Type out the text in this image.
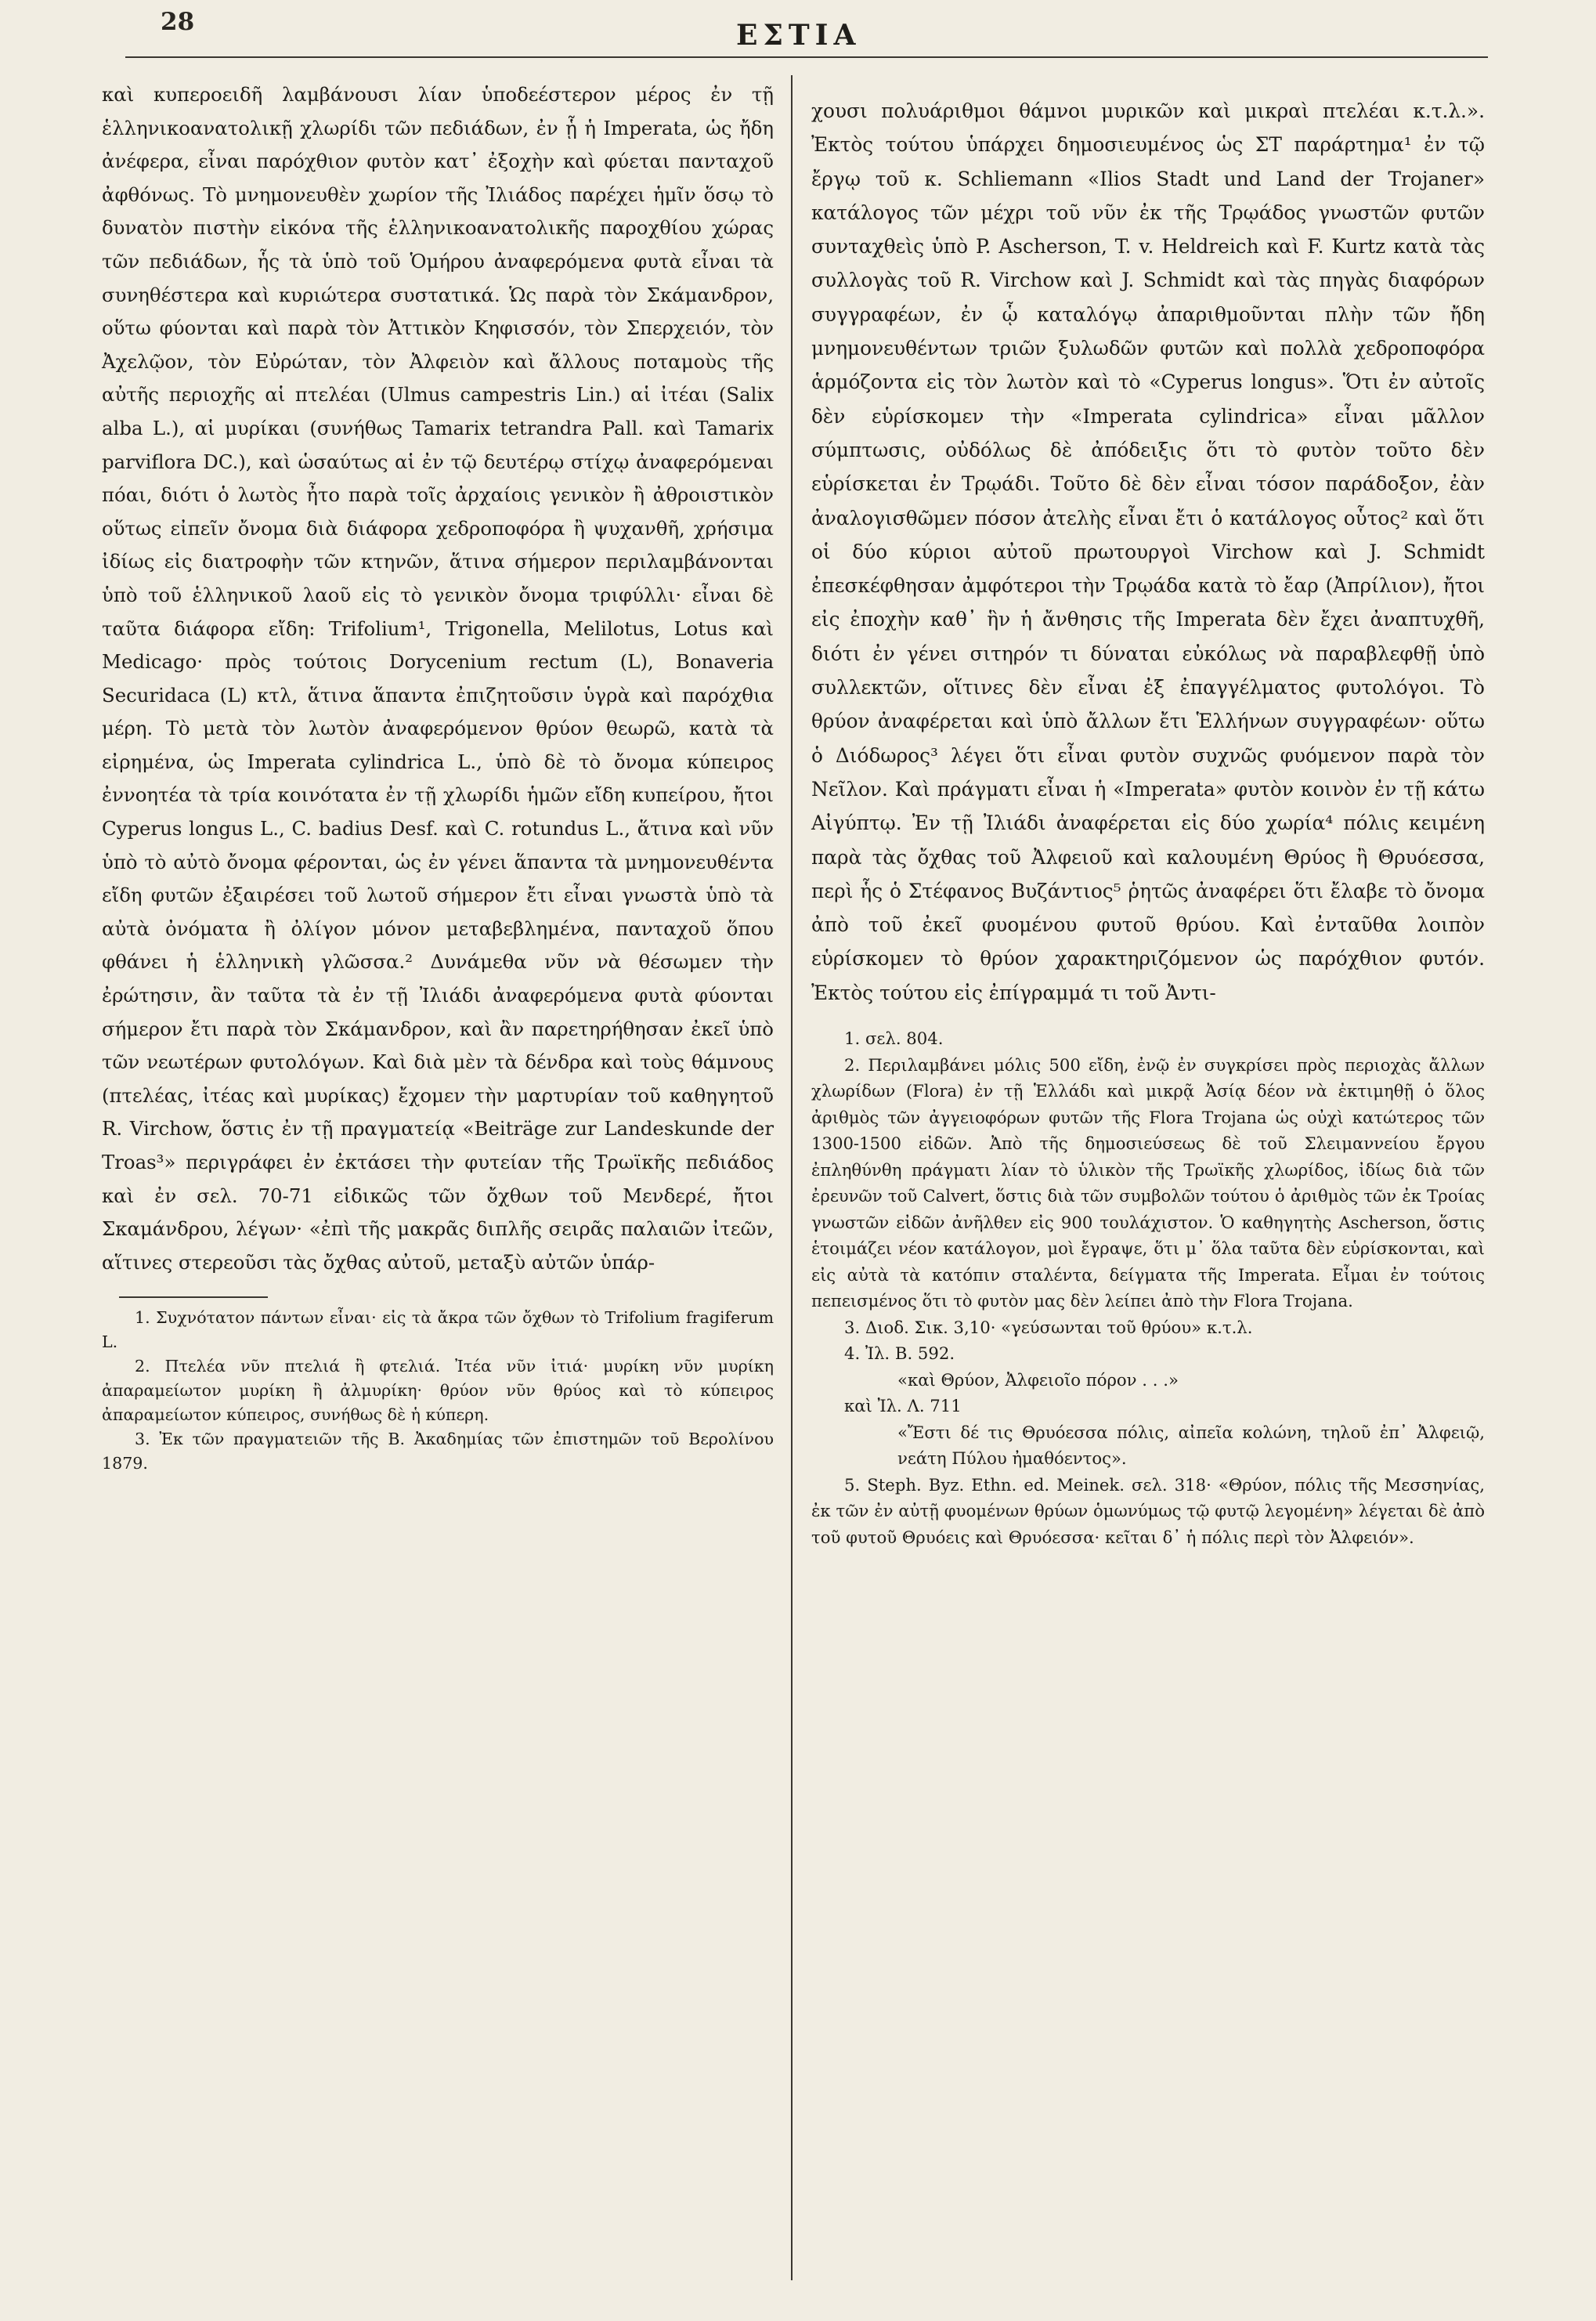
28	ΕΣΤΙΑ

καὶ κυπεροειδῆ λαμβάνουσι λίαν ὑποδεέστερον μέρος ἐν τῇ ἑλληνικοανατολικῇ χλωρίδι τῶν πεδιάδων, ἐν ᾗ ἡ Imperata, ὡς ἤδη ἀνέφερα, εἶναι παρόχθιον φυτὸν κατ᾽ ἐξοχὴν καὶ φύεται πανταχοῦ ἀφθόνως. Τὸ μνημονευθὲν χωρίον τῆς Ἰλιάδος παρέχει ἡμῖν ὅσῳ τὸ δυνατὸν πιστὴν εἰκόνα τῆς ἑλληνικοανατολικῆς παροχθίου χώρας τῶν πεδιάδων, ἧς τὰ ὑπὸ τοῦ Ὁμήρου ἀναφερόμενα φυτὰ εἶναι τὰ συνηθέστερα καὶ κυριώτερα συστατικά. Ὡς παρὰ τὸν Σκάμανδρον, οὕτω φύονται καὶ παρὰ τὸν Ἀττικὸν Κηφισσόν, τὸν Σπερχειόν, τὸν Ἀχελῷον, τὸν Εὐρώταν, τὸν Ἀλφειὸν καὶ ἄλλους ποταμοὺς τῆς αὐτῆς περιοχῆς αἱ πτελέαι (Ulmus campestris Lin.) αἱ ἰτέαι (Salix alba L.), αἱ μυρίκαι (συνήθως Tamarix tetrandra Pall. καὶ Tamarix parviflora DC.), καὶ ὡσαύτως αἱ ἐν τῷ δευτέρῳ στίχῳ ἀναφερόμεναι πόαι, διότι ὁ λωτὸς ἦτο παρὰ τοῖς ἀρχαίοις γενικὸν ἢ ἀθροιστικὸν οὕτως εἰπεῖν ὄνομα διὰ διάφορα χεδροποφόρα ἢ ψυχανθῆ, χρήσιμα ἰδίως εἰς διατροφὴν τῶν κτηνῶν, ἅτινα σήμερον περιλαμβάνονται ὑπὸ τοῦ ἑλληνικοῦ λαοῦ εἰς τὸ γενικὸν ὄνομα τριφύλλι· εἶναι δὲ ταῦτα διάφορα εἴδη: Trifolium¹, Trigonella, Melilotus, Lotus καὶ Medicago· πρὸς τούτοις Dorycenium rectum (L), Bonaveria Securidaca (L) κτλ, ἅτινα ἅπαντα ἐπιζητοῦσιν ὑγρὰ καὶ παρόχθια μέρη. Τὸ μετὰ τὸν λωτὸν ἀναφερόμενον θρύον θεωρῶ, κατὰ τὰ εἰρημένα, ὡς Imperata cylindrica L., ὑπὸ δὲ τὸ ὄνομα κύπειρος ἐννοητέα τὰ τρία κοινότατα ἐν τῇ χλωρίδι ἡμῶν εἴδη κυπείρου, ἤτοι Cyperus longus L., C. badius Desf. καὶ C. rotundus L., ἅτινα καὶ νῦν ὑπὸ τὸ αὐτὸ ὄνομα φέρονται, ὡς ἐν γένει ἅπαντα τὰ μνημονευθέντα εἴδη φυτῶν ἐξαιρέσει τοῦ λωτοῦ σήμερον ἔτι εἶναι γνωστὰ ὑπὸ τὰ αὐτὰ ὀνόματα ἢ ὀλίγον μόνον μεταβεβλημένα, πανταχοῦ ὅπου φθάνει ἡ ἑλληνικὴ γλῶσσα.² Δυνάμεθα νῦν νὰ θέσωμεν τὴν ἐρώτησιν, ἂν ταῦτα τὰ ἐν τῇ Ἰλιάδι ἀναφερόμενα φυτὰ φύονται σήμερον ἔτι παρὰ τὸν Σκάμανδρον, καὶ ἂν παρετηρήθησαν ἐκεῖ ὑπὸ τῶν νεωτέρων φυτολόγων. Καὶ διὰ μὲν τὰ δένδρα καὶ τοὺς θάμνους (πτελέας, ἰτέας καὶ μυρίκας) ἔχομεν τὴν μαρτυρίαν τοῦ καθηγητοῦ R. Virchow, ὅστις ἐν τῇ πραγματείᾳ «Beiträge zur Landeskunde der Troas³» περιγράφει ἐν ἐκτάσει τὴν φυτείαν τῆς Τρωϊκῆς πεδιάδος καὶ ἐν σελ. 70-71 εἰδικῶς τῶν ὄχθων τοῦ Μενδερέ, ἤτοι Σκαμάνδρου, λέγων· «ἐπὶ τῆς μακρᾶς διπλῆς σειρᾶς παλαιῶν ἰτεῶν, αἵτινες στερεοῦσι τὰς ὄχθας αὐτοῦ, μεταξὺ αὐτῶν ὑπάρ-

1. Συχνότατον πάντων εἶναι· εἰς τὰ ἄκρα τῶν ὄχθων τὸ Trifolium fragiferum L.

2. Πτελέα νῦν πτελιά ἢ φτελιά. Ἰτέα νῦν ἰτιά· μυρίκη νῦν μυρίκη ἀπαραμείωτον μυρίκη ἢ ἀλμυρίκη· θρύον νῦν θρύος καὶ τὸ κύπειρος ἀπαραμείωτον κύπειρος, συνήθως δὲ ἡ κύπερη.

3. Ἐκ τῶν πραγματειῶν τῆς Β. Ἀκαδημίας τῶν ἐπιστημῶν τοῦ Βερολίνου 1879.

χουσι πολυάριθμοι θάμνοι μυρικῶν καὶ μικραὶ πτελέαι κ.τ.λ.». Ἐκτὸς τούτου ὑπάρχει δημοσιευμένος ὡς ΣΤ παράρτημα¹ ἐν τῷ ἔργῳ τοῦ κ. Schliemann «Ilios Stadt und Land der Trojaner» κατάλογος τῶν μέχρι τοῦ νῦν ἐκ τῆς Τρῳάδος γνωστῶν φυτῶν συνταχθεὶς ὑπὸ P. Ascherson, T. v. Heldreich καὶ F. Kurtz κατὰ τὰς συλλογὰς τοῦ R. Virchow καὶ J. Schmidt καὶ τὰς πηγὰς διαφόρων συγγραφέων, ἐν ᾧ καταλόγῳ ἀπαριθμοῦνται πλὴν τῶν ἤδη μνημονευθέντων τριῶν ξυλωδῶν φυτῶν καὶ πολλὰ χεδροποφόρα ἁρμόζοντα εἰς τὸν λωτὸν καὶ τὸ «Cyperus longus». Ὅτι ἐν αὐτοῖς δὲν εὑρίσκομεν τὴν «Imperata cylindrica» εἶναι μᾶλλον σύμπτωσις, οὐδόλως δὲ ἀπόδειξις ὅτι τὸ φυτὸν τοῦτο δὲν εὑρίσκεται ἐν Τρῳάδι. Τοῦτο δὲ δὲν εἶναι τόσον παράδοξον, ἐὰν ἀναλογισθῶμεν πόσον ἀτελὴς εἶναι ἔτι ὁ κατάλογος οὗτος² καὶ ὅτι οἱ δύο κύριοι αὐτοῦ πρωτουργοὶ Virchow καὶ J. Schmidt ἐπεσκέφθησαν ἀμφότεροι τὴν Τρῳάδα κατὰ τὸ ἔαρ (Ἀπρίλιον), ἤτοι εἰς ἐποχὴν καθ᾽ ἣν ἡ ἄνθησις τῆς Imperata δὲν ἔχει ἀναπτυχθῆ, διότι ἐν γένει σιτηρόν τι δύναται εὐκόλως νὰ παραβλεφθῇ ὑπὸ συλλεκτῶν, οἵτινες δὲν εἶναι ἐξ ἐπαγγέλματος φυτολόγοι. Τὸ θρύον ἀναφέρεται καὶ ὑπὸ ἄλλων ἔτι Ἑλλήνων συγγραφέων· οὕτω ὁ Διόδωρος³ λέγει ὅτι εἶναι φυτὸν συχνῶς φυόμενον παρὰ τὸν Νεῖλον. Καὶ πράγματι εἶναι ἡ «Imperata» φυτὸν κοινὸν ἐν τῇ κάτω Αἰγύπτῳ. Ἐν τῇ Ἰλιάδι ἀναφέρεται εἰς δύο χωρία⁴ πόλις κειμένη παρὰ τὰς ὄχθας τοῦ Ἀλφειοῦ καὶ καλουμένη Θρύος ἢ Θρυόεσσα, περὶ ἧς ὁ Στέφανος Βυζάντιος⁵ ῥητῶς ἀναφέρει ὅτι ἔλαβε τὸ ὄνομα ἀπὸ τοῦ ἐκεῖ φυομένου φυτοῦ θρύου. Καὶ ἐνταῦθα λοιπὸν εὑρίσκομεν τὸ θρύον χαρακτηριζόμενον ὡς παρόχθιον φυτόν. Ἐκτὸς τούτου εἰς ἐπίγραμμά τι τοῦ Ἀντι-

1. σελ. 804.

2. Περιλαμβάνει μόλις 500 εἴδη, ἐνῷ ἐν συγκρίσει πρὸς περιοχὰς ἄλλων χλωρίδων (Flora) ἐν τῇ Ἑλλάδι καὶ μικρᾷ Ἀσίᾳ δέον νὰ ἐκτιμηθῇ ὁ ὅλος ἀριθμὸς τῶν ἀγγειοφόρων φυτῶν τῆς Flora Trojana ὡς οὐχὶ κατώτερος τῶν 1300-1500 εἰδῶν. Ἀπὸ τῆς δημοσιεύσεως δὲ τοῦ Σλειμαννείου ἔργου ἐπληθύνθη πράγματι λίαν τὸ ὑλικὸν τῆς Τρωϊκῆς χλωρίδος, ἰδίως διὰ τῶν ἐρευνῶν τοῦ Calvert, ὅστις διὰ τῶν συμβολῶν τούτου ὁ ἀριθμὸς τῶν ἐκ Τροίας γνωστῶν εἰδῶν ἀνῆλθεν εἰς 900 τουλάχιστον. Ὁ καθηγητὴς Ascherson, ὅστις ἑτοιμάζει νέον κατάλογον, μοὶ ἔγραψε, ὅτι μ᾽ ὅλα ταῦτα δὲν εὑρίσκονται, καὶ εἰς αὐτὰ τὰ κατόπιν σταλέντα, δείγματα τῆς Imperata. Εἶμαι ἐν τούτοις πεπεισμένος ὅτι τὸ φυτὸν μας δὲν λείπει ἀπὸ τὴν Flora Trojana.

3. Διοδ. Σικ. 3,10· «γεύσωνται τοῦ θρύου» κ.τ.λ.

4. Ἰλ. Β. 592.

«καὶ Θρύον, Ἀλφειοῖο πόρον . . .»

καὶ Ἰλ. Λ. 711

«Ἔστι δέ τις Θρυόεσσα πόλις, αἰπεῖα κολώνη, τηλοῦ ἐπ᾽ Ἀλφειῷ, νεάτη Πύλου ἠμαθόεντος».

5. Steph. Byz. Ethn. ed. Meinek. σελ. 318· «Θρύον, πόλις τῆς Μεσσηνίας, ἐκ τῶν ἐν αὐτῇ φυομένων θρύων ὁμωνύμως τῷ φυτῷ λεγομένη» λέγεται δὲ ἀπὸ τοῦ φυτοῦ Θρυόεις καὶ Θρυόεσσα· κεῖται δ᾽ ἡ πόλις περὶ τὸν Ἀλφειόν».
